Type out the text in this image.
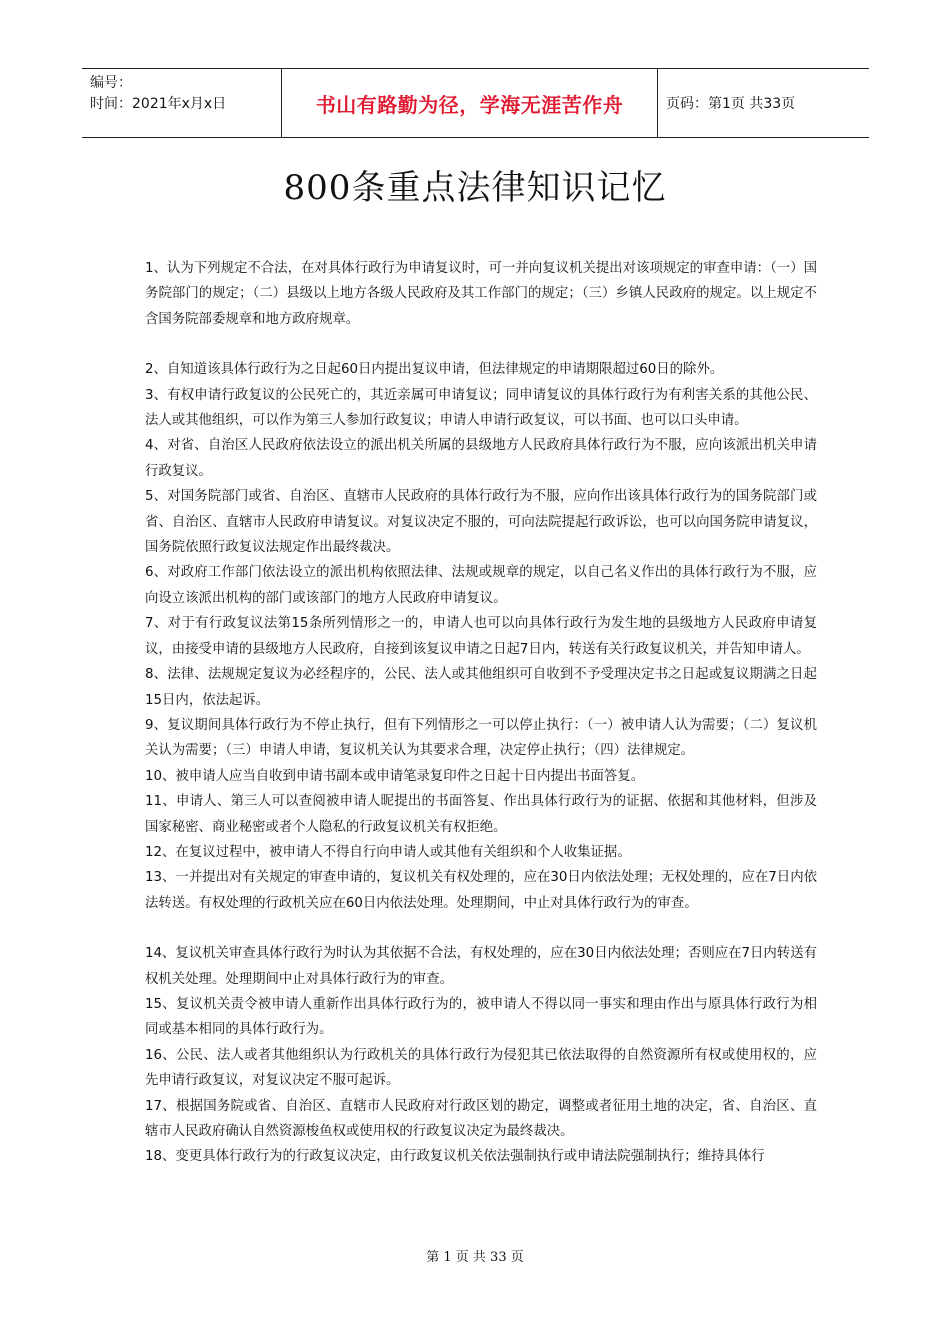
编号：
时间：2021年x月x日	书山有路勤为径，学海无涯苦作舟	页码：第1页 共33页
800条重点法律知识记忆

1、认为下列规定不合法，在对具体行政行为申请复议时，可一并向复议机关提出对该项规定的审查申请：（一）国务院部门的规定；（二）县级以上地方各级人民政府及其工作部门的规定；（三）乡镇人民政府的规定。以上规定不含国务院部委规章和地方政府规章。

2、自知道该具体行政行为之日起60日内提出复议申请，但法律规定的申请期限超过60日的除外。

3、有权申请行政复议的公民死亡的，其近亲属可申请复议；同申请复议的具体行政行为有利害关系的其他公民、法人或其他组织，可以作为第三人参加行政复议；申请人申请行政复议，可以书面、也可以口头申请。

4、对省、自治区人民政府依法设立的派出机关所属的县级地方人民政府具体行政行为不服，应向该派出机关申请行政复议。

5、对国务院部门或省、自治区、直辖市人民政府的具体行政行为不服，应向作出该具体行政行为的国务院部门或省、自治区、直辖市人民政府申请复议。对复议决定不服的，可向法院提起行政诉讼，也可以向国务院申请复议，国务院依照行政复议法规定作出最终裁决。

6、对政府工作部门依法设立的派出机构依照法律、法规或规章的规定，以自己名义作出的具体行政行为不服，应向设立该派出机构的部门或该部门的地方人民政府申请复议。

7、对于有行政复议法第15条所列情形之一的，申请人也可以向具体行政行为发生地的县级地方人民政府申请复议，由接受申请的县级地方人民政府，自接到该复议申请之日起7日内，转送有关行政复议机关，并告知申请人。

8、法律、法规规定复议为必经程序的，公民、法人或其他组织可自收到不予受理决定书之日起或复议期满之日起15日内，依法起诉。

9、复议期间具体行政行为不停止执行，但有下列情形之一可以停止执行：（一）被申请人认为需要；（二）复议机关认为需要；（三）申请人申请，复议机关认为其要求合理，决定停止执行；（四）法律规定。

10、被申请人应当自收到申请书副本或申请笔录复印件之日起十日内提出书面答复。

11、申请人、第三人可以查阅被申请人昵提出的书面答复、作出具体行政行为的证据、依据和其他材料，但涉及国家秘密、商业秘密或者个人隐私的行政复议机关有权拒绝。

12、在复议过程中，被申请人不得自行向申请人或其他有关组织和个人收集证据。

13、一并提出对有关规定的审查申请的，复议机关有权处理的，应在30日内依法处理；无权处理的，应在7日内依法转送。有权处理的行政机关应在60日内依法处理。处理期间，中止对具体行政行为的审查。

14、复议机关审查具体行政行为时认为其依据不合法，有权处理的，应在30日内依法处理；否则应在7日内转送有权机关处理。处理期间中止对具体行政行为的审查。

15、复议机关责令被申请人重新作出具体行政行为的，被申请人不得以同一事实和理由作出与原具体行政行为相同或基本相同的具体行政行为。

16、公民、法人或者其他组织认为行政机关的具体行政行为侵犯其已依法取得的自然资源所有权或使用权的，应先申请行政复议，对复议决定不服可起诉。

17、根据国务院或省、自治区、直辖市人民政府对行政区划的勘定，调整或者征用土地的决定，省、自治区、直辖市人民政府确认自然资源梭鱼权或使用权的行政复议决定为最终裁决。

18、变更具体行政行为的行政复议决定，由行政复议机关依法强制执行或申请法院强制执行；维持具体行

第 1 页 共 33 页
